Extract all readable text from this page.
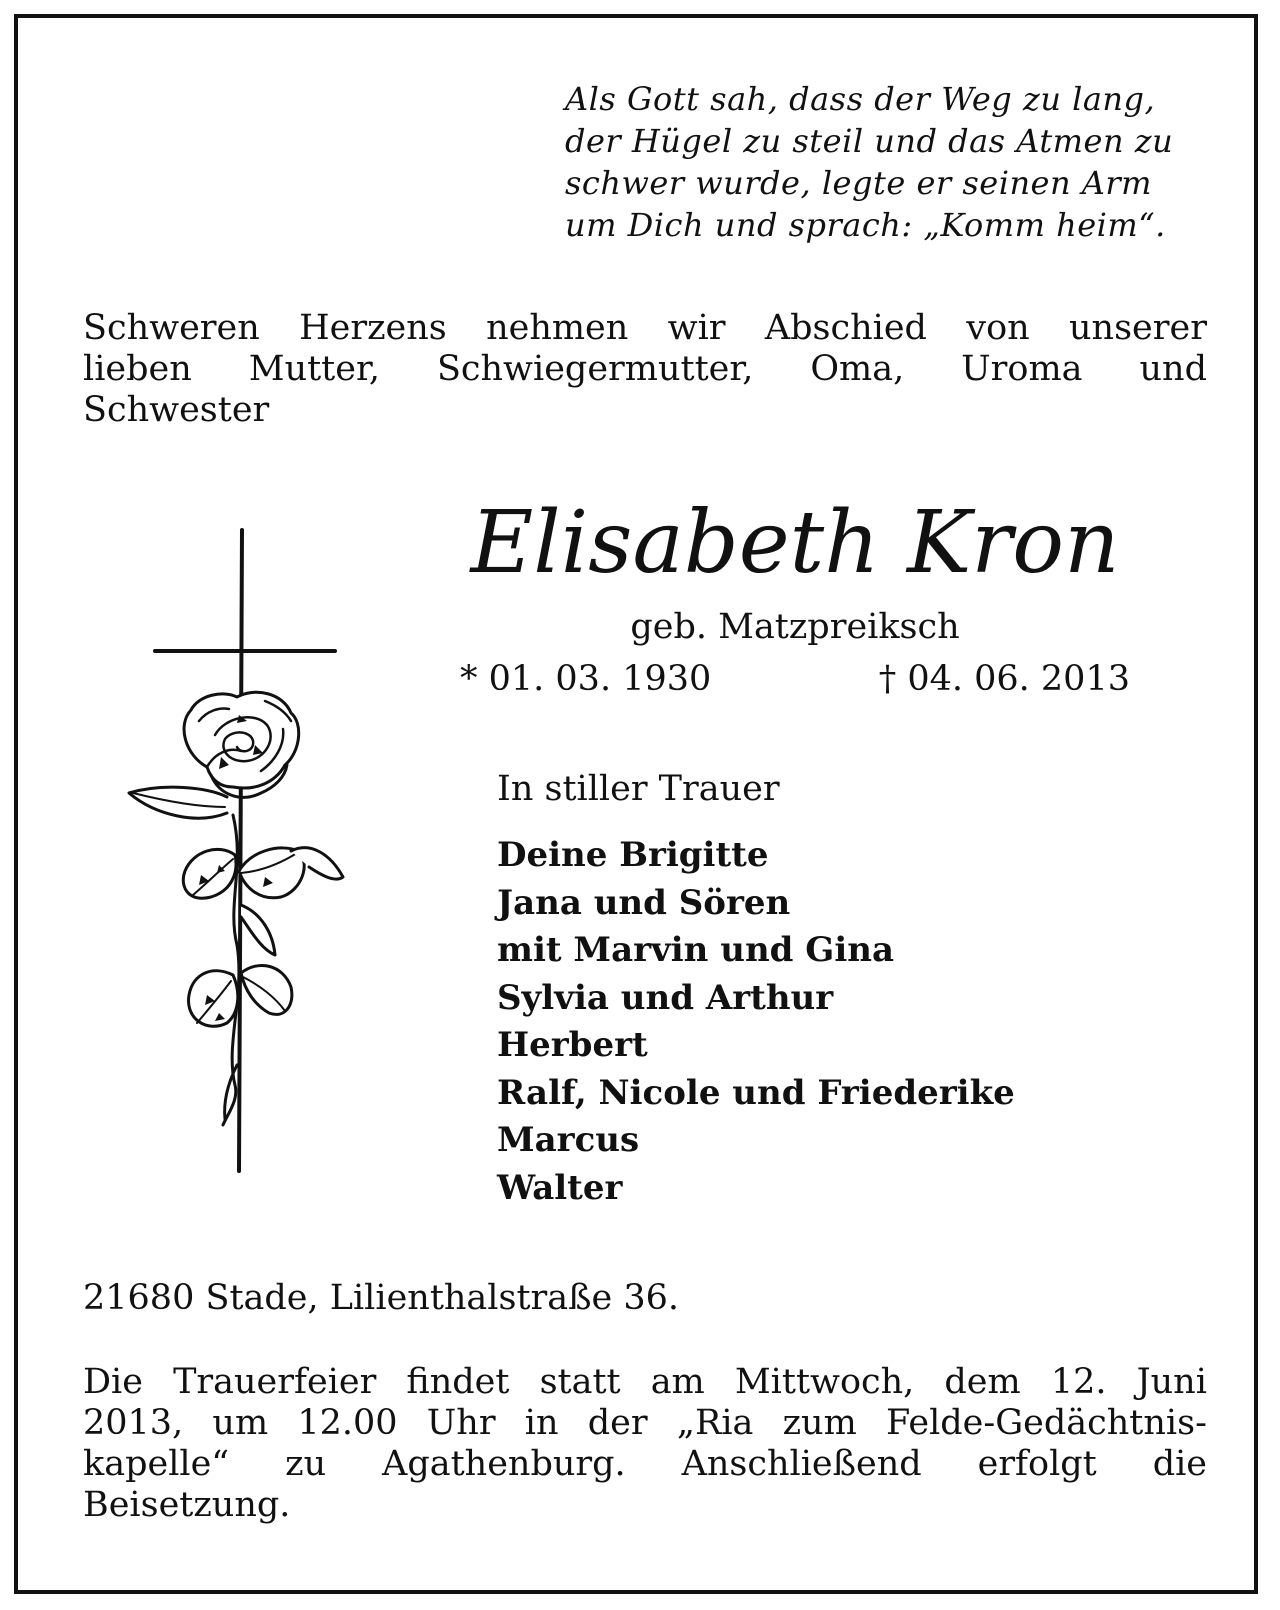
Als Gott sah, dass der Weg zu lang,
der Hügel zu steil und das Atmen zu
schwer wurde, legte er seinen Arm
um Dich und sprach: „Komm heim“.
Schweren Herzens nehmen wir Abschied von unserer
lieben Mutter, Schwiegermutter, Oma, Uroma und
Schwester
Elisabeth Kron
geb. Matzpreiksch
* 01. 03. 1930	† 04. 06. 2013
In stiller Trauer
Deine Brigitte
Jana und Sören
mit Marvin und Gina
Sylvia und Arthur
Herbert
Ralf, Nicole und Friederike
Marcus
Walter
21680 Stade, Lilienthalstraße 36.
Die Trauerfeier findet statt am Mittwoch, dem 12. Juni
2013, um 12.00 Uhr in der „Ria zum Felde-Gedächtnis-
kapelle“ zu Agathenburg. Anschließend erfolgt die
Beisetzung.
